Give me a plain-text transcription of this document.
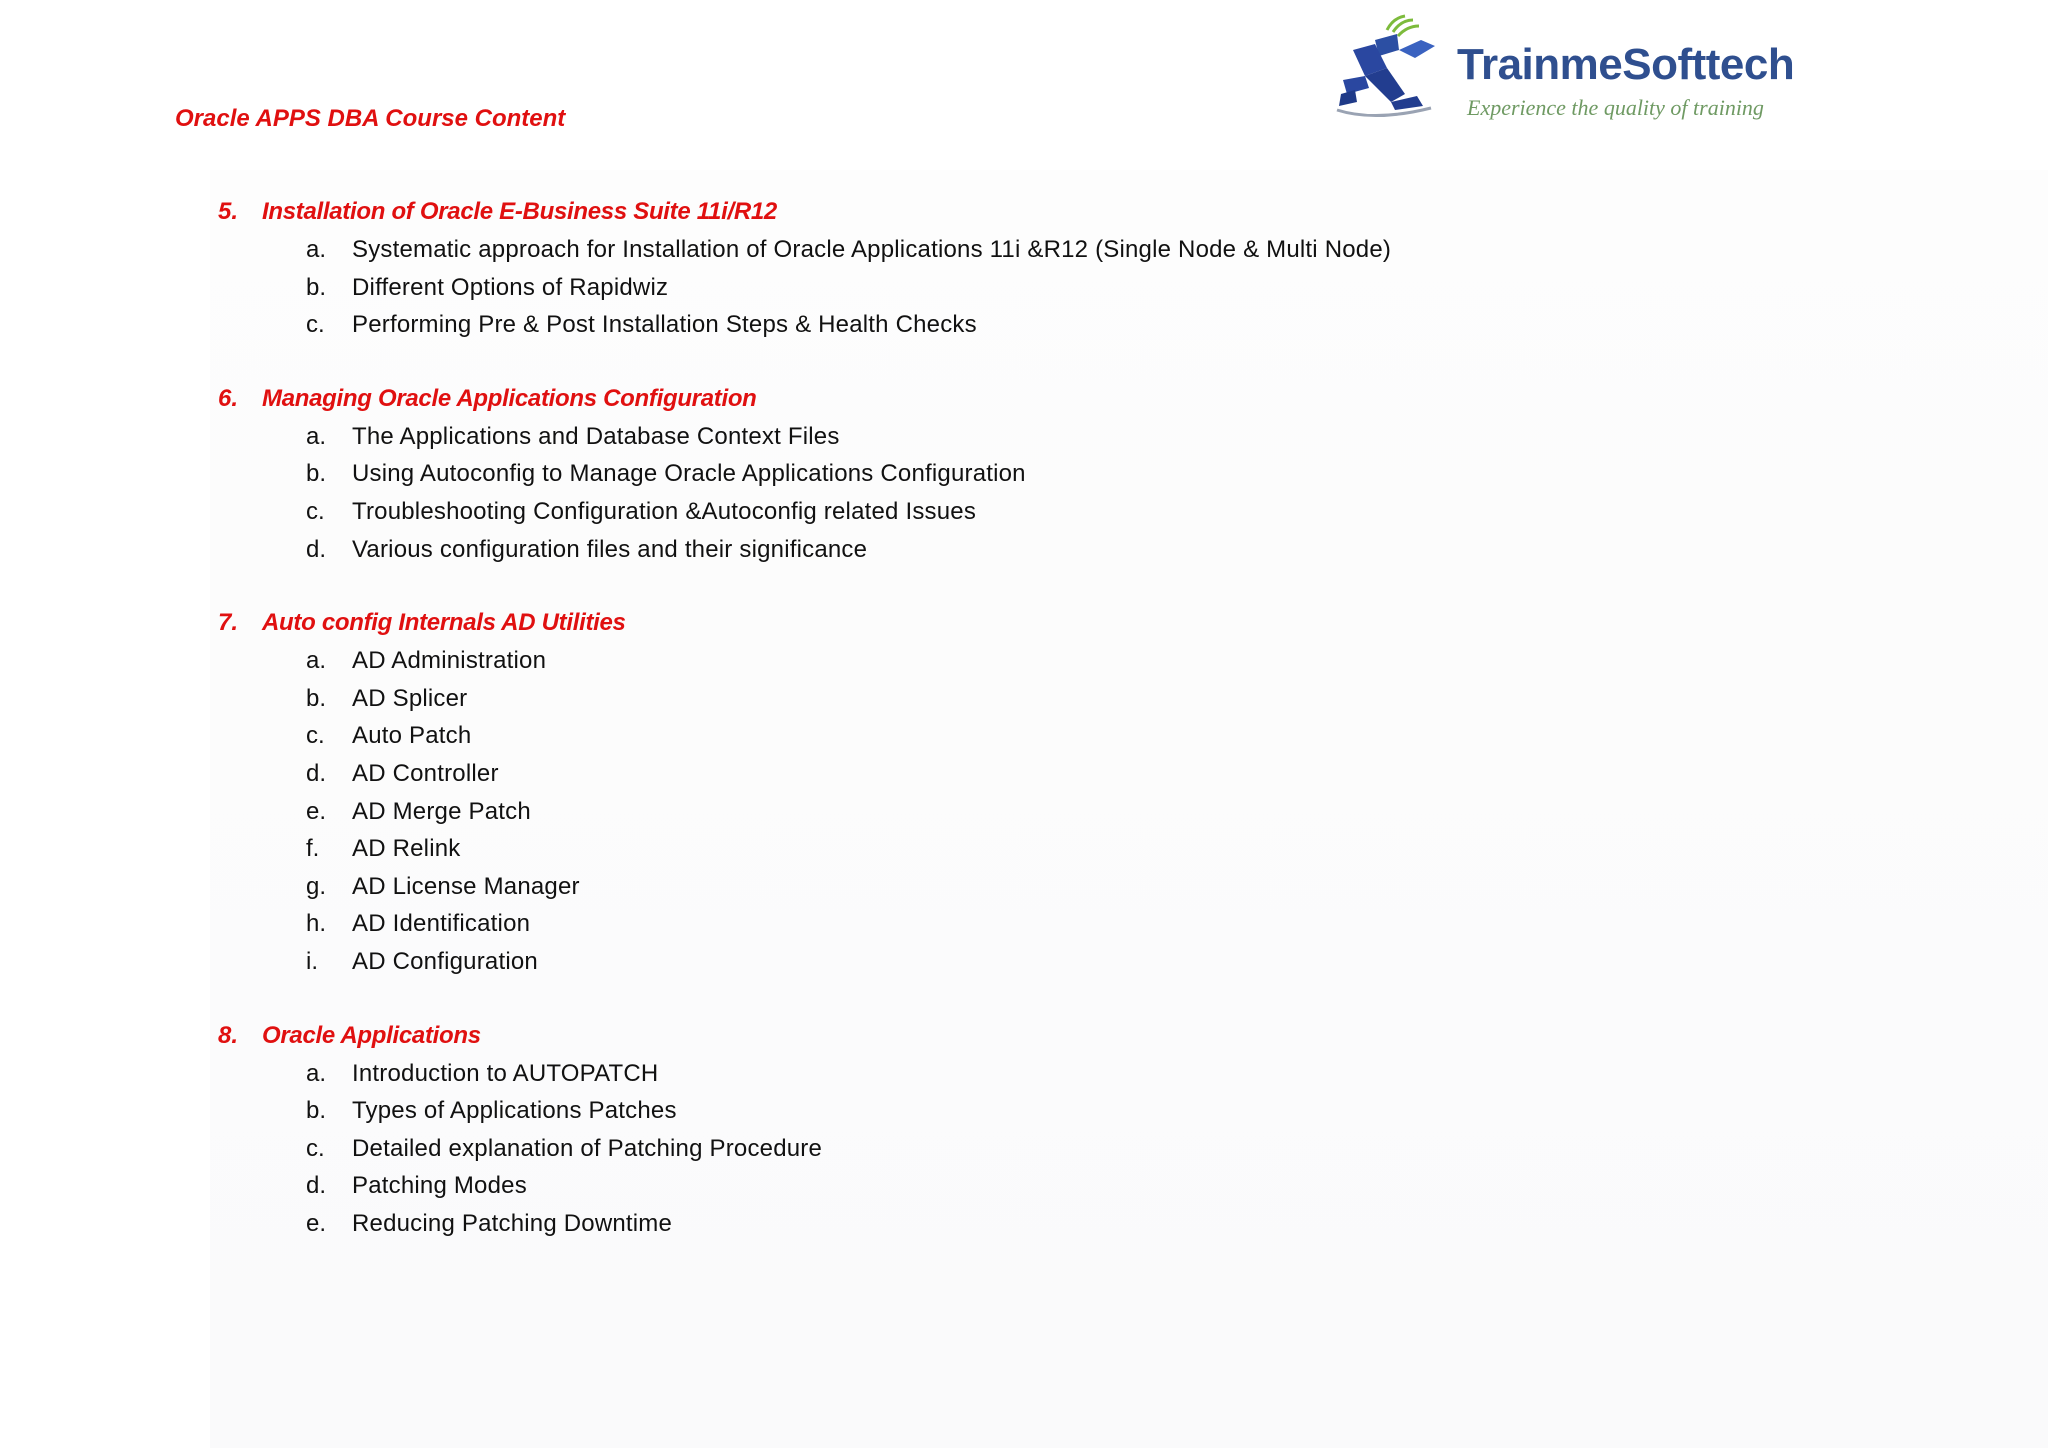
TrainmeSofttech
Experience the quality of training
Oracle APPS DBA Course Content
5. Installation of Oracle E-Business Suite 11i/R12
a. Systematic approach for Installation of Oracle Applications 11i &R12 (Single Node & Multi Node)
b. Different Options of Rapidwiz
c. Performing Pre & Post Installation Steps & Health Checks
6. Managing Oracle Applications Configuration
a. The Applications and Database Context Files
b. Using Autoconfig to Manage Oracle Applications Configuration
c. Troubleshooting Configuration &Autoconfig related Issues
d. Various configuration files and their significance
7. Auto config Internals AD Utilities
a. AD Administration
b. AD Splicer
c. Auto Patch
d. AD Controller
e. AD Merge Patch
f. AD Relink
g. AD License Manager
h. AD Identification
i. AD Configuration
8. Oracle Applications
a. Introduction to AUTOPATCH
b. Types of Applications Patches
c. Detailed explanation of Patching Procedure
d. Patching Modes
e. Reducing Patching Downtime
